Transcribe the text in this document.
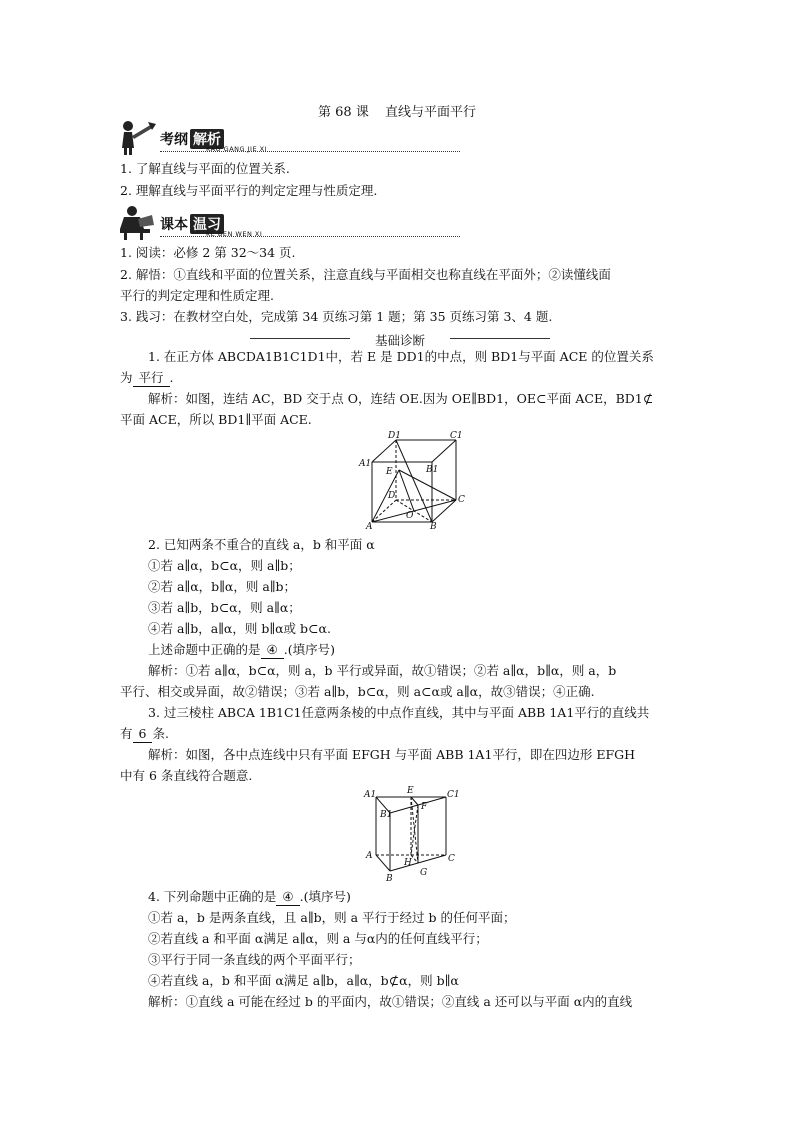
第 68 课 直线与平面平行
考纲 解析
KAO GANG JIE XI
1. 了解直线与平面的位置关系.
2. 理解直线与平面平行的判定定理与性质定理.
课本 温习
KE BEN WEN XI
1. 阅读：必修 2 第 32～34 页.
2. 解悟：①直线和平面的位置关系，注意直线与平面相交也称直线在平面外；②读懂线面
平行的判定定理和性质定理.
3. 践习：在教材空白处，完成第 34 页练习第 1 题；第 35 页练习第 3、4 题.
基础诊断
1. 在正方体 ABCDA1B1C1D1中，若 E 是 DD1的中点，则 BD1与平面 ACE 的位置关系
为 平行 .
解析：如图，连结 AC，BD 交于点 O，连结 OE.因为 OE∥BD1，OE⊂平面 ACE，BD1⊄
平面 ACE，所以 BD1∥平面 ACE.
D1	C1
A1
B1
E
D	C
O
A	B
2. 已知两条不重合的直线 a，b 和平面 α
①若 a∥α，b⊂α，则 a∥b；
②若 a∥α，b∥α，则 a∥b；
③若 a∥b，b⊂α，则 a∥α；
④若 a∥b，a∥α，则 b∥α或 b⊂α.
上述命题中正确的是 ④ .(填序号)
解析：①若 a∥α，b⊂α，则 a，b 平行或异面，故①错误；②若 a∥α，b∥α，则 a，b
平行、相交或异面，故②错误；③若 a∥b，b⊂α，则 a⊂α或 a∥α，故③错误；④正确.
3. 过三棱柱 ABCA 1B1C1任意两条棱的中点作直线，其中与平面 ABB 1A1平行的直线共
有 6 条.
解析：如图，各中点连线中只有平面 EFGH 与平面 ABB 1A1平行，即在四边形 EFGH
中有 6 条直线符合题意.
A1	E	C1
B1
F
A
H	C
B
G
4. 下列命题中正确的是 ④ .(填序号)
①若 a，b 是两条直线，且 a∥b，则 a 平行于经过 b 的任何平面；
②若直线 a 和平面 α满足 a∥α，则 a 与α内的任何直线平行；
③平行于同一条直线的两个平面平行；
④若直线 a，b 和平面 α满足 a∥b，a∥α，b⊄α，则 b∥α
解析：①直线 a 可能在经过 b 的平面内，故①错误；②直线 a 还可以与平面 α内的直线
